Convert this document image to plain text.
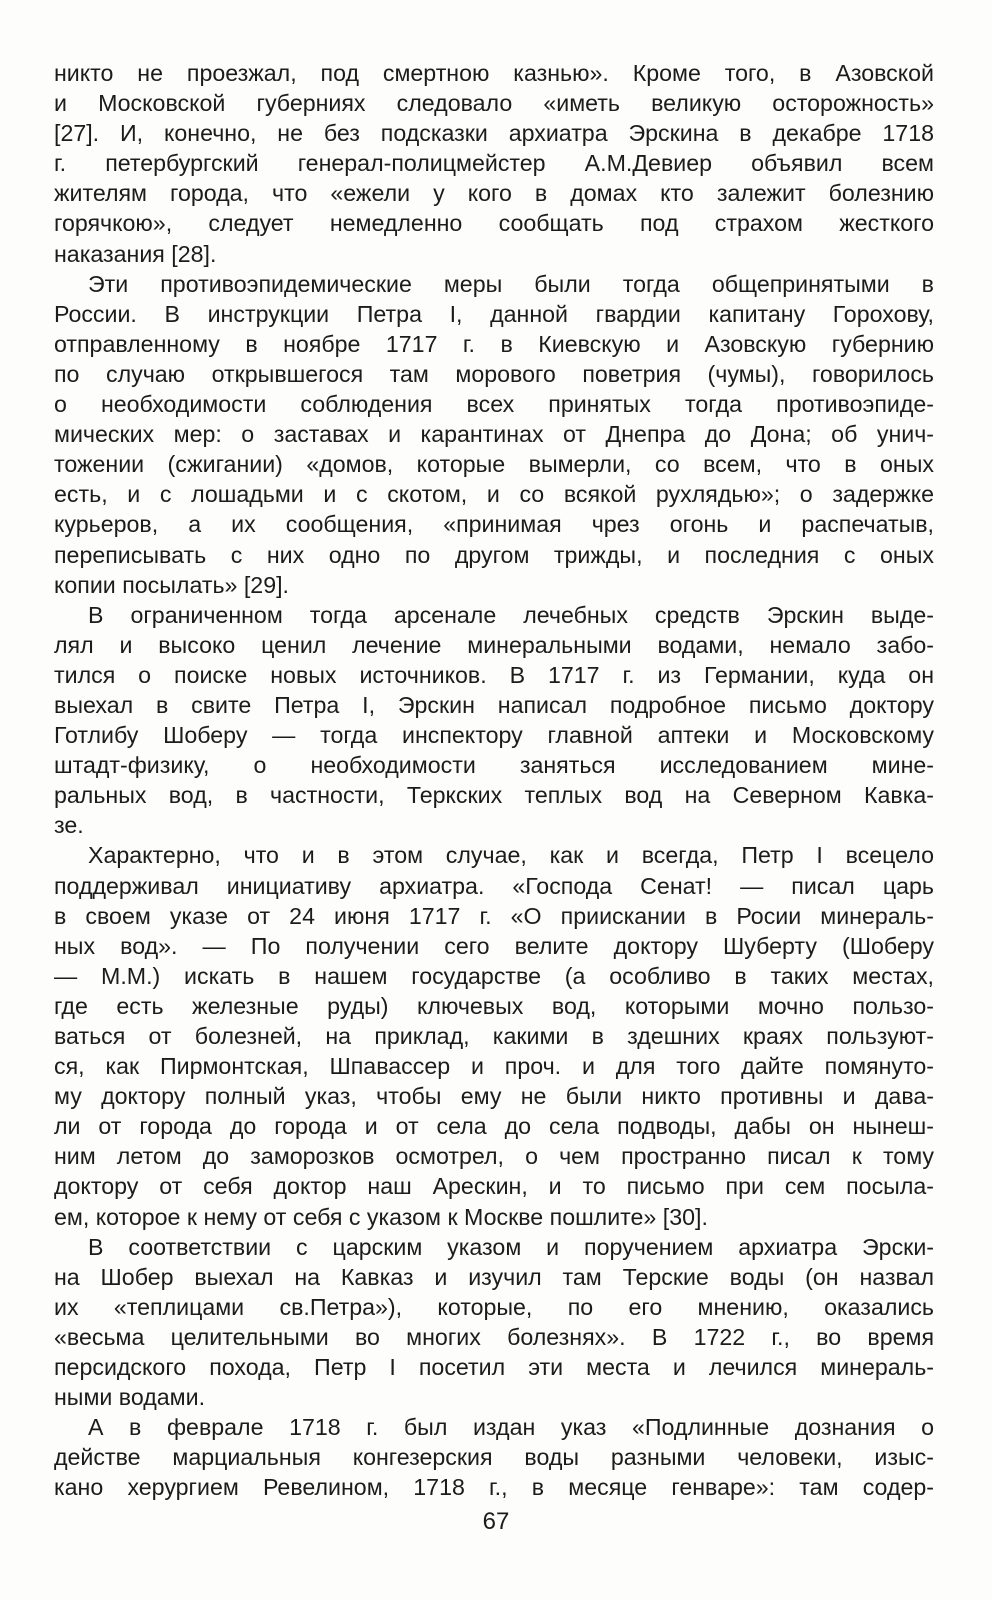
никто не проезжал, под смертною казнью». Кроме того, в Азовской
и Московской губерниях следовало «иметь великую осторожность»
[27]. И, конечно, не без подсказки архиатра Эрскина в декабре 1718
г. петербургский генерал-полицмейстер А.М.Девиер объявил всем
жителям города, что «ежели у кого в домах кто залежит болезнию
горячкою», следует немедленно сообщать под страхом жесткого
наказания [28].
Эти противоэпидемические меры были тогда общепринятыми в
России. В инструкции Петра I, данной гвардии капитану Горохову,
отправленному в ноябре 1717 г. в Киевскую и Азовскую губернию
по случаю открывшегося там морового поветрия (чумы), говорилось
о необходимости соблюдения всех принятых тогда противоэпиде-
мических мер: о заставах и карантинах от Днепра до Дона; об унич-
тожении (сжигании) «домов, которые вымерли, со всем, что в оных
есть, и с лошадьми и с скотом, и со всякой рухлядью»; о задержке
курьеров, а их сообщения, «принимая чрез огонь и распечатыв,
переписывать с них одно по другом трижды, и последния с оных
копии посылать» [29].
В ограниченном тогда арсенале лечебных средств Эрскин выде-
лял и высоко ценил лечение минеральными водами, немало забо-
тился о поиске новых источников. В 1717 г. из Германии, куда он
выехал в свите Петра I, Эрскин написал подробное письмо доктору
Готлибу Шоберу — тогда инспектору главной аптеки и Московскому
штадт-физику, о необходимости заняться исследованием мине-
ральных вод, в частности, Теркских теплых вод на Северном Кавка-
зе.
Характерно, что и в этом случае, как и всегда, Петр I всецело
поддерживал инициативу архиатра. «Господа Сенат! — писал царь
в своем указе от 24 июня 1717 г. «О приискании в Росии минераль-
ных вод». — По получении сего велите доктору Шуберту (Шоберу
— М.М.) искать в нашем государстве (а особливо в таких местах,
где есть железные руды) ключевых вод, которыми мочно пользо-
ваться от болезней, на приклад, какими в здешних краях пользуют-
ся, как Пирмонтская, Шпавассер и проч. и для того дайте помянуто-
му доктору полный указ, чтобы ему не были никто противны и дава-
ли от города до города и от села до села подводы, дабы он нынеш-
ним летом до заморозков осмотрел, о чем пространно писал к тому
доктору от себя доктор наш Арескин, и то письмо при сем посыла-
ем, которое к нему от себя с указом к Москве пошлите» [30].
В соответствии с царским указом и поручением архиатра Эрски-
на Шобер выехал на Кавказ и изучил там Терские воды (он назвал
их «теплицами св.Петра»), которые, по его мнению, оказались
«весьма целительными во многих болезнях». В 1722 г., во время
персидского похода, Петр I посетил эти места и лечился минераль-
ными водами.
А в феврале 1718 г. был издан указ «Подлинные дознания о
действе марциальныя конгезерския воды разными человеки, изыс-
кано херургием Ревелином, 1718 г., в месяце генваре»: там содер-
67
